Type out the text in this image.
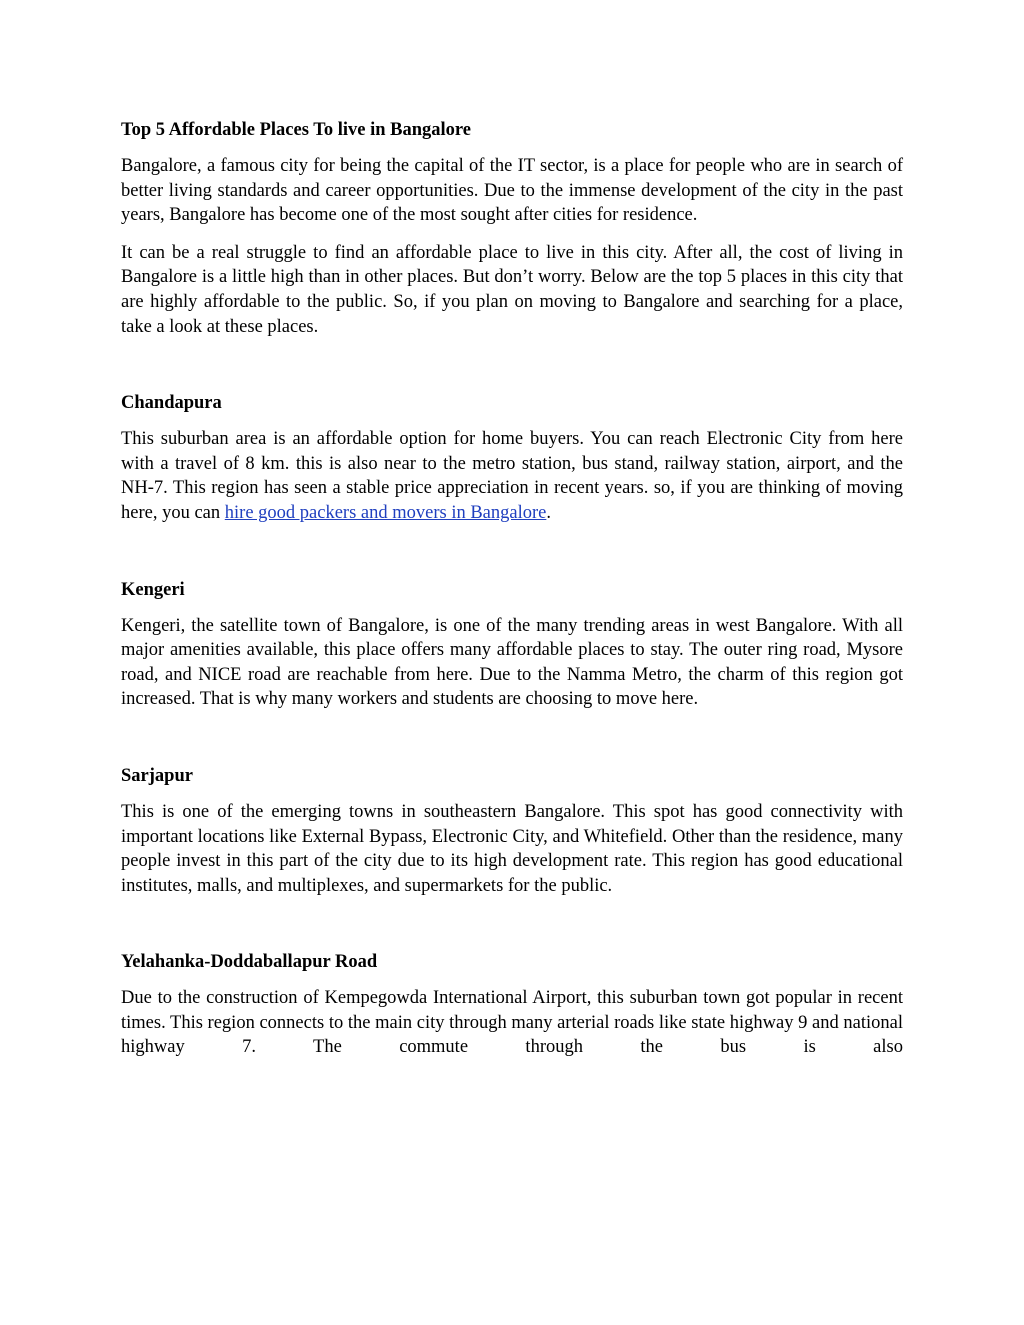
Top 5 Affordable Places To live in Bangalore

Bangalore, a famous city for being the capital of the IT sector, is a place for people who are in search of better living standards and career opportunities. Due to the immense development of the city in the past years, Bangalore has become one of the most sought after cities for residence.

It can be a real struggle to find an affordable place to live in this city. After all, the cost of living in Bangalore is a little high than in other places. But don’t worry. Below are the top 5 places in this city that are highly affordable to the public. So, if you plan on moving to Bangalore and searching for a place, take a look at these places.

Chandapura

This suburban area is an affordable option for home buyers. You can reach Electronic City from here with a travel of 8 km. this is also near to the metro station, bus stand, railway station, airport, and the NH-7. This region has seen a stable price appreciation in recent years. so, if you are thinking of moving here, you can hire good packers and movers in Bangalore.

Kengeri

Kengeri, the satellite town of Bangalore, is one of the many trending areas in west Bangalore. With all major amenities available, this place offers many affordable places to stay. The outer ring road, Mysore road, and NICE road are reachable from here. Due to the Namma Metro, the charm of this region got increased. That is why many workers and students are choosing to move here.

Sarjapur

This is one of the emerging towns in southeastern Bangalore. This spot has good connectivity with important locations like External Bypass, Electronic City, and Whitefield. Other than the residence, many people invest in this part of the city due to its high development rate. This region has good educational institutes, malls, and multiplexes, and supermarkets for the public.

Yelahanka-Doddaballapur Road

Due to the construction of Kempegowda International Airport, this suburban town got popular in recent times. This region connects to the main city through many arterial roads like state highway 9 and national highway 7. The commute through the bus is also
